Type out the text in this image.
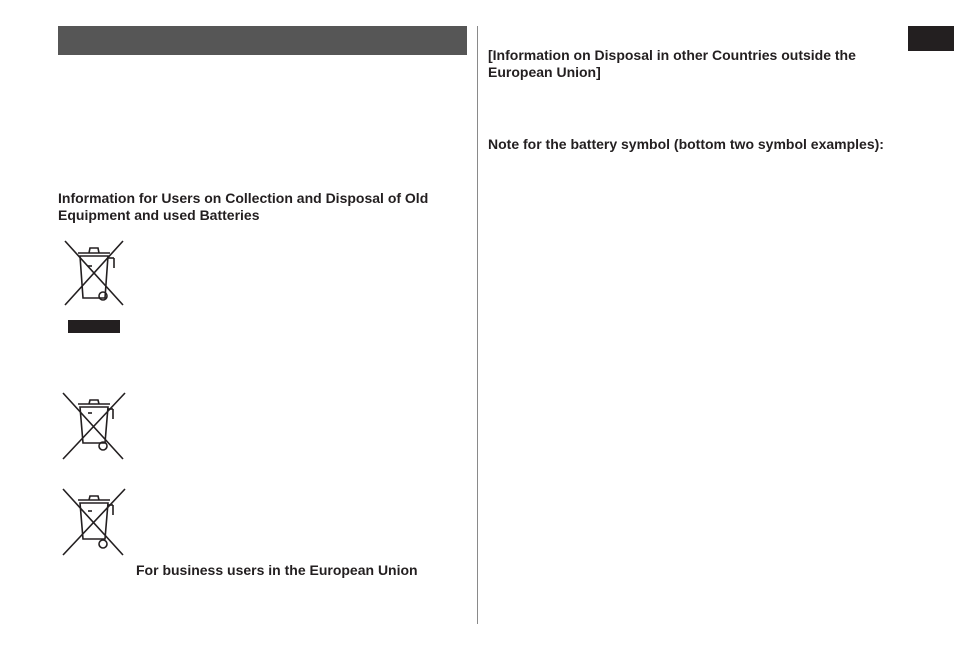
Information for Users on Collection and Disposal of Old Equipment and used Batteries

For business users in the European Union

[Information on Disposal in other Countries outside the European Union]

Note for the battery symbol (bottom two symbol examples):
